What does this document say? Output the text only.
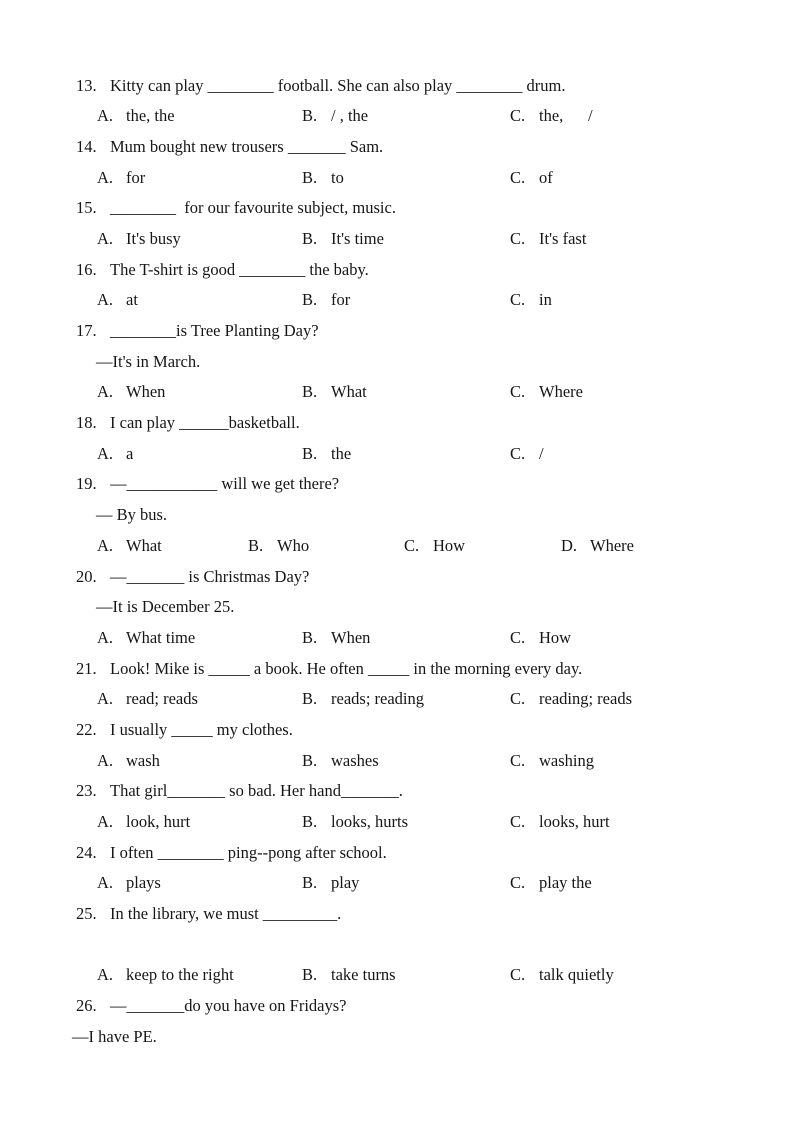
13. Kitty can play ________ football. She can also play ________ drum.
A. the, the	B. / , the	C. the,      /
14. Mum bought new trousers _______ Sam.
A. for	B. to	C. of
15. ________  for our favourite subject, music.
A. It's busy	B. It's time	C. It's fast
16. The T-shirt is good ________ the baby.
A. at	B. for	C. in
17. ________is Tree Planting Day?
—It's in March.
A. When	B. What	C. Where
18. I can play ______basketball.
A. a	B. the	C. /
19. —___________ will we get there?
— By bus.
A. What	B. Who	C. How	D. Where
20. —_______ is Christmas Day?
—It is December 25.
A. What time	B. When	C. How
21. Look! Mike is _____ a book. He often _____ in the morning every day.
A. read; reads	B. reads; reading	C. reading; reads
22. I usually _____ my clothes.
A. wash	B. washes	C. washing
23. That girl_______ so bad. Her hand_______.
A. look, hurt	B. looks, hurts	C. looks, hurt
24. I often ________ ping--pong after school.
A. plays	B. play	C. play the
25. In the library, we must _________.
A. keep to the right	B. take turns	C. talk quietly
26. —_______do you have on Fridays?
—I have PE.
